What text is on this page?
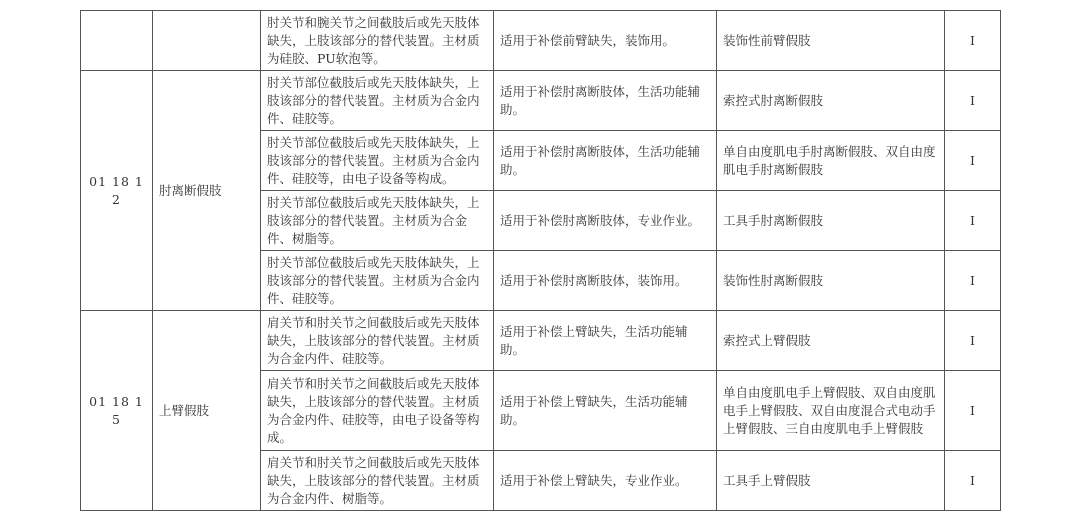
		肘关节和腕关节之间截肢后或先天肢体缺失，上肢该部分的替代装置。主材质为硅胶、PU软泡等。	适用于补偿前臂缺失，装饰用。	装饰性前臂假肢	Ⅰ
01 18 12	肘离断假肢	肘关节部位截肢后或先天肢体缺失，上肢该部分的替代装置。主材质为合金内件、硅胶等。	适用于补偿肘离断肢体，生活功能辅助。	索控式肘离断假肢	Ⅰ
		肘关节部位截肢后或先天肢体缺失，上肢该部分的替代装置。主材质为合金内件、硅胶等，由电子设备等构成。	适用于补偿肘离断肢体，生活功能辅助。	单自由度肌电手肘离断假肢、双自由度肌电手肘离断假肢	Ⅰ
		肘关节部位截肢后或先天肢体缺失，上肢该部分的替代装置。主材质为合金件、树脂等。	适用于补偿肘离断肢体，专业作业。	工具手肘离断假肢	Ⅰ
		肘关节部位截肢后或先天肢体缺失，上肢该部分的替代装置。主材质为合金内件、硅胶等。	适用于补偿肘离断肢体，装饰用。	装饰性肘离断假肢	Ⅰ
01 18 15	上臂假肢	肩关节和肘关节之间截肢后或先天肢体缺失，上肢该部分的替代装置。主材质为合金内件、硅胶等。	适用于补偿上臂缺失，生活功能辅助。	索控式上臂假肢	Ⅰ
		肩关节和肘关节之间截肢后或先天肢体缺失，上肢该部分的替代装置。主材质为合金内件、硅胶等，由电子设备等构成。	适用于补偿上臂缺失，生活功能辅助。	单自由度肌电手上臂假肢、双自由度肌电手上臂假肢、双自由度混合式电动手上臂假肢、三自由度肌电手上臂假肢	Ⅰ
		肩关节和肘关节之间截肢后或先天肢体缺失，上肢该部分的替代装置。主材质为合金内件、树脂等。	适用于补偿上臂缺失，专业作业。	工具手上臂假肢	Ⅰ
